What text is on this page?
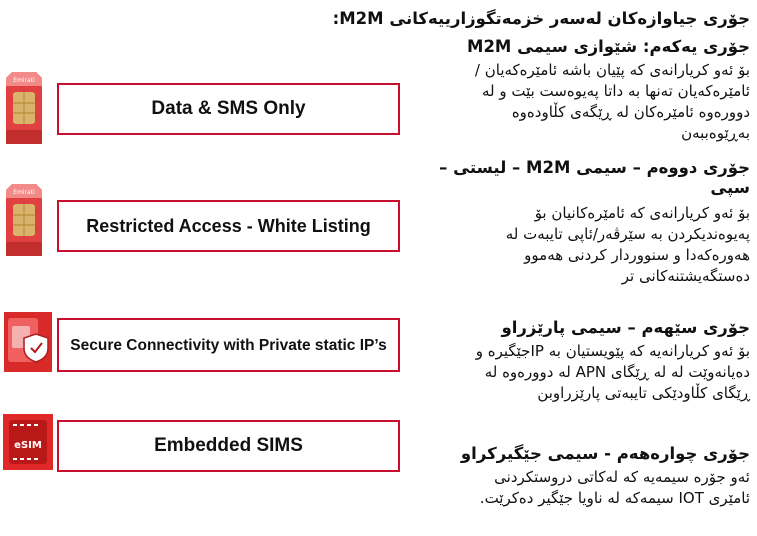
جۆرى جياوازەكان لەسەر خزمەتگوزارييەكانى M2M:
Emirati
Data & SMS Only
جۆرى يەكەم: شێوازى سيمى M2M
بۆ ئەو كريارانەى كە پێيان باشە ئامێرەكەيان /
ئامێرەكەيان تەنها بە داتا پەيوەست بێت و لە
دوورەوە ئامێرەكان لە ڕێگەى كڵاودەوە
بەڕێوەببەن
Emirati
Restricted Access - White Listing
جۆرى دووەم – سيمى M2M – ليستى –
سپى
بۆ ئەو كريارانەى كە ئامێرەكانيان بۆ
پەيوەنديكردن بە سێرڤەر/ئاپى تايبەت لە
هەورەكەدا و سنووردار كردنى هەموو
دەستگەيشتنەكانى تر
Secure Connectivity with Private static IP’s
جۆرى سێهەم – سيمى پارێزراو
بۆ ئەو كريارانەيە كە پێويستيان بە IPجێگيرە و
دەيانەوێت لە لە ڕێگاى APN لە دوورەوە لە
ڕێگاى كڵاودێكى تايبەتى پارێزراوبن
eSIM	Embedded SIMS	جۆرى چوارەهەم - سيمى جێگيركراو
ئەو جۆرە سيمەيە كە لەكاتى دروستكردنى
ئامێرى IOT سيمەكە لە ناويا جێگير دەكرێت.
